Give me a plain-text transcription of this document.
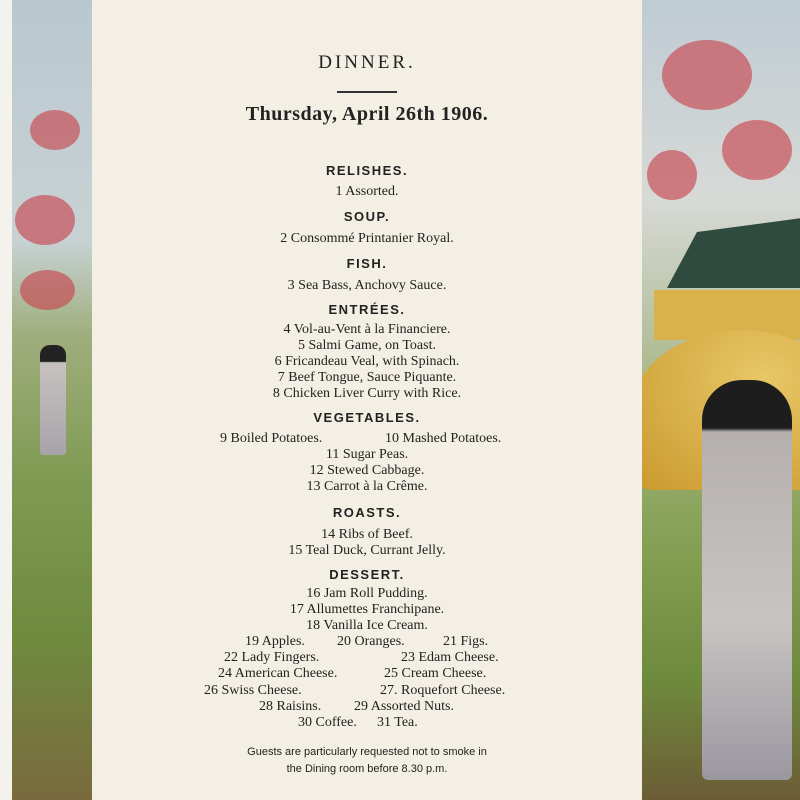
DINNER.
Thursday, April 26th 1906.
RELISHES.
1 Assorted.
SOUP.
2 Consommé Printanier Royal.
FISH.
3 Sea Bass, Anchovy Sauce.
ENTRÉES.
4 Vol-au-Vent à la Financiere.
5 Salmi Game, on Toast.
6 Fricandeau Veal, with Spinach.
7 Beef Tongue, Sauce Piquante.
8 Chicken Liver Curry with Rice.
VEGETABLES.
9 Boiled Potatoes.	10 Mashed Potatoes.
11 Sugar Peas.
12 Stewed Cabbage.
13 Carrot à la Crême.
ROASTS.
14 Ribs of Beef.
15 Teal Duck, Currant Jelly.
DESSERT.
16 Jam Roll Pudding.
17 Allumettes Franchipane.
18 Vanilla Ice Cream.
19 Apples. 20 Oranges.	21 Figs.
22 Lady Fingers.	23 Edam Cheese.
24 American Cheese.	25 Cream Cheese.
26 Swiss Cheese.	27. Roquefort Cheese.
28 Raisins. 29 Assorted Nuts.
30 Coffee. 31 Tea.
Guests are particularly requested not to smoke in
the Dining room before 8.30 p.m.
